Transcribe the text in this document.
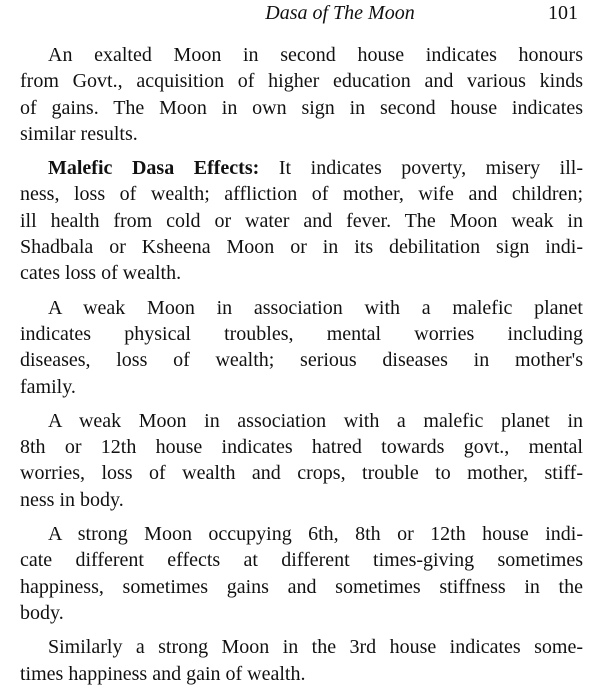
Dasa of The Moon	101
An exalted Moon in second house indicates honours
from Govt., acquisition of higher education and various kinds
of gains. The Moon in own sign in second house indicates
similar results.
Malefic Dasa Effects: It indicates poverty, misery ill-
ness, loss of wealth; affliction of mother, wife and children;
ill health from cold or water and fever. The Moon weak in
Shadbala or Ksheena Moon or in its debilitation sign indi-
cates loss of wealth.
A weak Moon in association with a malefic planet
indicates physical troubles, mental worries including
diseases, loss of wealth; serious diseases in mother's
family.
A weak Moon in association with a malefic planet in
8th or 12th house indicates hatred towards govt., mental
worries, loss of wealth and crops, trouble to mother, stiff-
ness in body.
A strong Moon occupying 6th, 8th or 12th house indi-
cate different effects at different times-giving sometimes
happiness, sometimes gains and sometimes stiffness in the
body.
Similarly a strong Moon in the 3rd house indicates some-
times happiness and gain of wealth.
